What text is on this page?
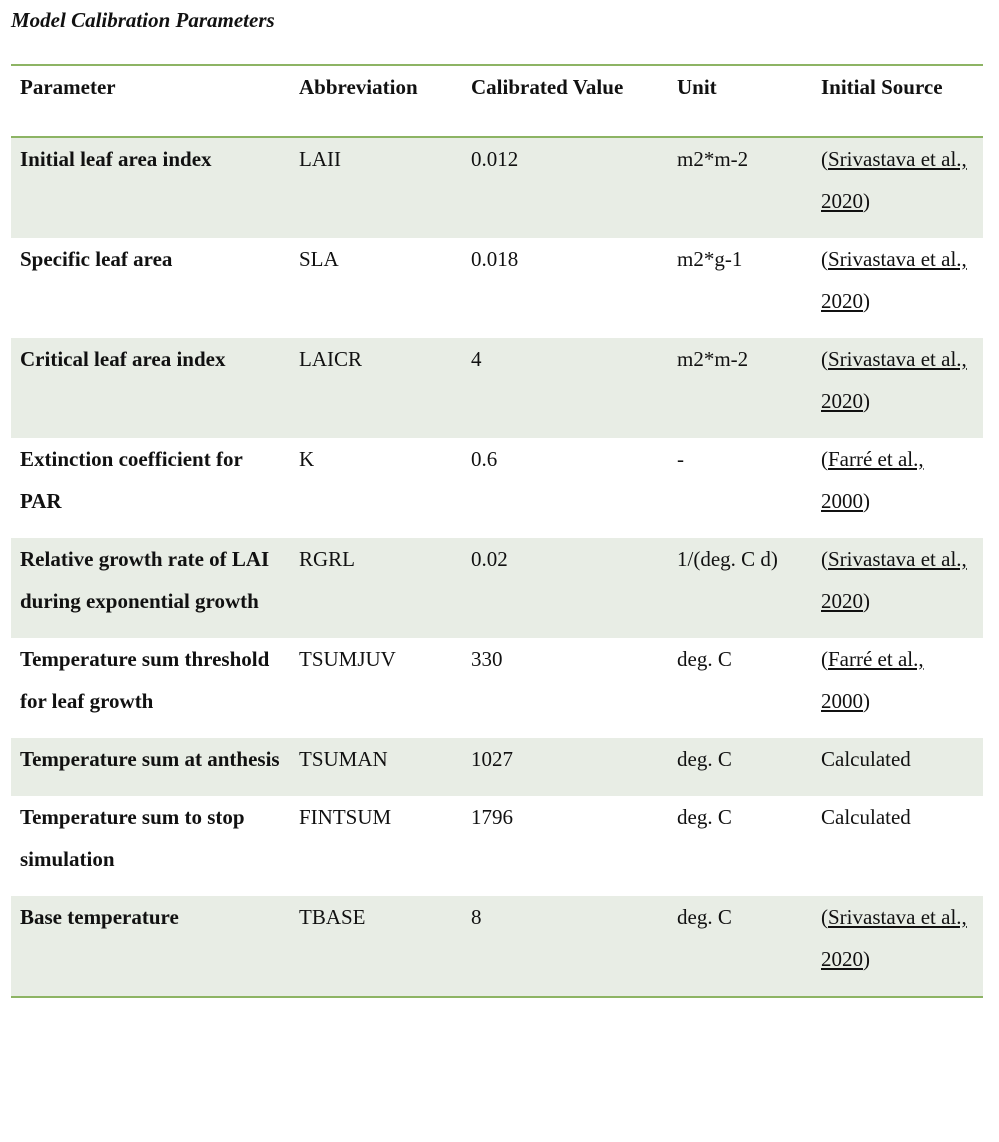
Model Calibration Parameters
Parameter	Abbreviation	Calibrated Value	Unit	Initial Source
Initial leaf area index	LAII	0.012	m2*m-2	(Srivastava et al., 2020)
Specific leaf area	SLA	0.018	m2*g-1	(Srivastava et al., 2020)
Critical leaf area index	LAICR	4	m2*m-2	(Srivastava et al., 2020)
Extinction coefficient for PAR	K	0.6	-	(Farré et al., 2000)
Relative growth rate of LAI during exponential growth	RGRL	0.02	1/(deg. C d)	(Srivastava et al., 2020)
Temperature sum threshold for leaf growth	TSUMJUV	330	deg. C	(Farré et al., 2000)
Temperature sum at anthesis	TSUMAN	1027	deg. C	Calculated
Temperature sum to stop simulation	FINTSUM	1796	deg. C	Calculated
Base temperature	TBASE	8	deg. C	(Srivastava et al., 2020)
